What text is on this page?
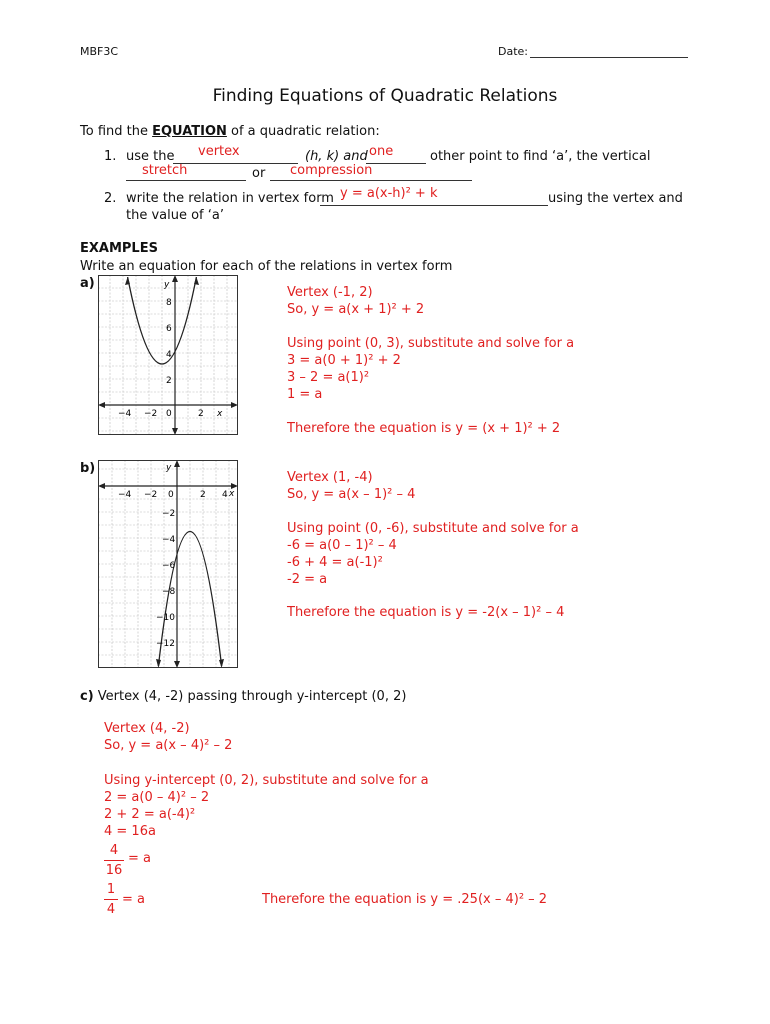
MBF3C	Date:
Finding Equations of Quadratic Relations
To find the EQUATION of a quadratic relation:
1. use the vertex	(h, k) and one	other point to find ‘a’, the vertical
stretch	or compression
2. write the relation in vertex form y = a(x-h)² + k	using the vertex and
the value of ‘a’
EXAMPLES
Write an equation for each of the relations in vertex form
a)	y
x
8
6
4
2
−4 −2 0	2
Vertex (-1, 2)
So, y = a(x + 1)² + 2
Using point (0, 3), substitute and solve for a
3 = a(0 + 1)² + 2
3 – 2 = a(1)²
1 = a
Therefore the equation is y = (x + 1)² + 2
b)	y
x
−4 −2 0	2 4
−2
−4
−6
−8
−10
−12
Vertex (1, -4)
So, y = a(x – 1)² – 4
Using point (0, -6), substitute and solve for a
-6 = a(0 – 1)² – 4
-6 + 4 = a(-1)²
-2 = a
Therefore the equation is y = -2(x – 1)² – 4
c) Vertex (4, -2) passing through y-intercept (0, 2)
Vertex (4, -2)
So, y = a(x – 4)² – 2
Using y-intercept (0, 2), substitute and solve for a
2 = a(0 – 4)² – 2
2 + 2 = a(-4)²
4 = 16a
4
16
= a
1
4
= a	Therefore the equation is y = .25(x – 4)² – 2
